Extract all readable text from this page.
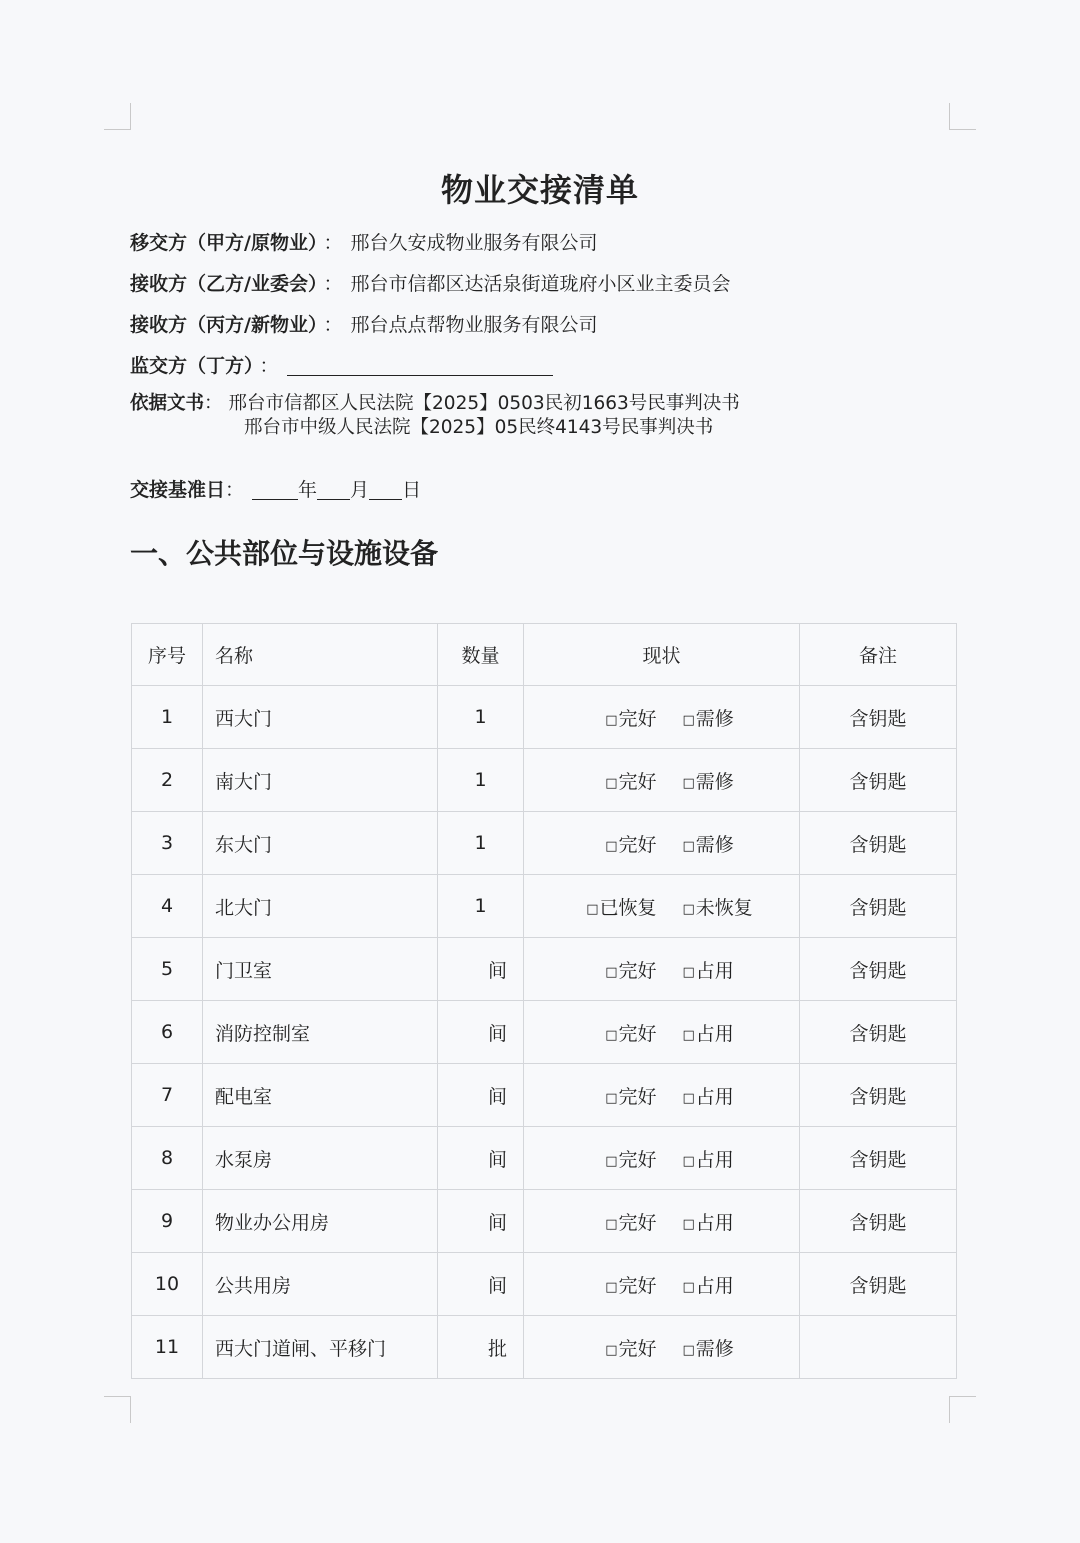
物业交接清单
移交方（甲方/原物业） ： 邢台久安成物业服务有限公司
接收方（乙方/业委会） ： 邢台市信都区达活泉街道珑府小区业主委员会
接收方（丙方/新物业） ： 邢台点点帮物业服务有限公司
监交方（丁方） ：
依据文书： 邢台市信都区人民法院【2025】0503民初1663号民事判决书
邢台市中级人民法院【2025】05民终4143号民事判决书
交接基准日：	年 月 日
一、公共部位与设施设备
序号	名称	数量	现状	备注
1	西大门	1	□完好 □需修	含钥匙
2	南大门	1	□完好 □需修	含钥匙
3	东大门	1	□完好 □需修	含钥匙
4	北大门	1	□已恢复 □未恢复	含钥匙
5	门卫室	间	□完好 □占用	含钥匙
6	消防控制室	间	□完好 □占用	含钥匙
7	配电室	间	□完好 □占用	含钥匙
8	水泵房	间	□完好 □占用	含钥匙
9	物业办公用房	间	□完好 □占用	含钥匙
10	公共用房	间	□完好 □占用	含钥匙
11	西大门道闸、平移门	批	□完好 □需修	
